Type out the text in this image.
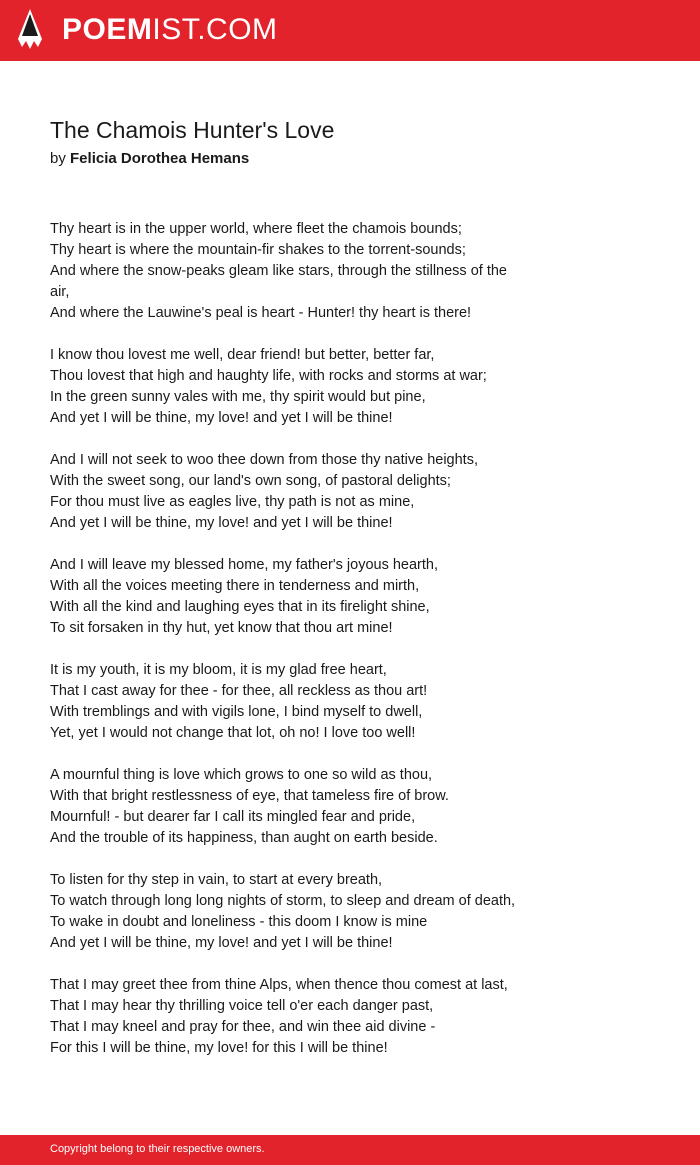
POEMIST.COM
The Chamois Hunter's Love
by Felicia Dorothea Hemans

Thy heart is in the upper world, where fleet the chamois bounds;
Thy heart is where the mountain-fir shakes to the torrent-sounds;
And where the snow-peaks gleam like stars, through the stillness of the
air,
And where the Lauwine's peal is heart - Hunter! thy heart is there!

I know thou lovest me well, dear friend! but better, better far,
Thou lovest that high and haughty life, with rocks and storms at war;
In the green sunny vales with me, thy spirit would but pine,
And yet I will be thine, my love! and yet I will be thine!

And I will not seek to woo thee down from those thy native heights,
With the sweet song, our land's own song, of pastoral delights;
For thou must live as eagles live, thy path is not as mine,
And yet I will be thine, my love! and yet I will be thine!

And I will leave my blessed home, my father's joyous hearth,
With all the voices meeting there in tenderness and mirth,
With all the kind and laughing eyes that in its firelight shine,
To sit forsaken in thy hut, yet know that thou art mine!

It is my youth, it is my bloom, it is my glad free heart,
That I cast away for thee - for thee, all reckless as thou art!
With tremblings and with vigils lone, I bind myself to dwell,
Yet, yet I would not change that lot, oh no! I love too well!

A mournful thing is love which grows to one so wild as thou,
With that bright restlessness of eye, that tameless fire of brow.
Mournful! - but dearer far I call its mingled fear and pride,
And the trouble of its happiness, than aught on earth beside.

To listen for thy step in vain, to start at every breath,
To watch through long long nights of storm, to sleep and dream of death,
To wake in doubt and loneliness - this doom I know is mine
And yet I will be thine, my love! and yet I will be thine!

That I may greet thee from thine Alps, when thence thou comest at last,
That I may hear thy thrilling voice tell o'er each danger past,
That I may kneel and pray for thee, and win thee aid divine -
For this I will be thine, my love! for this I will be thine!

Copyright belong to their respective owners.
